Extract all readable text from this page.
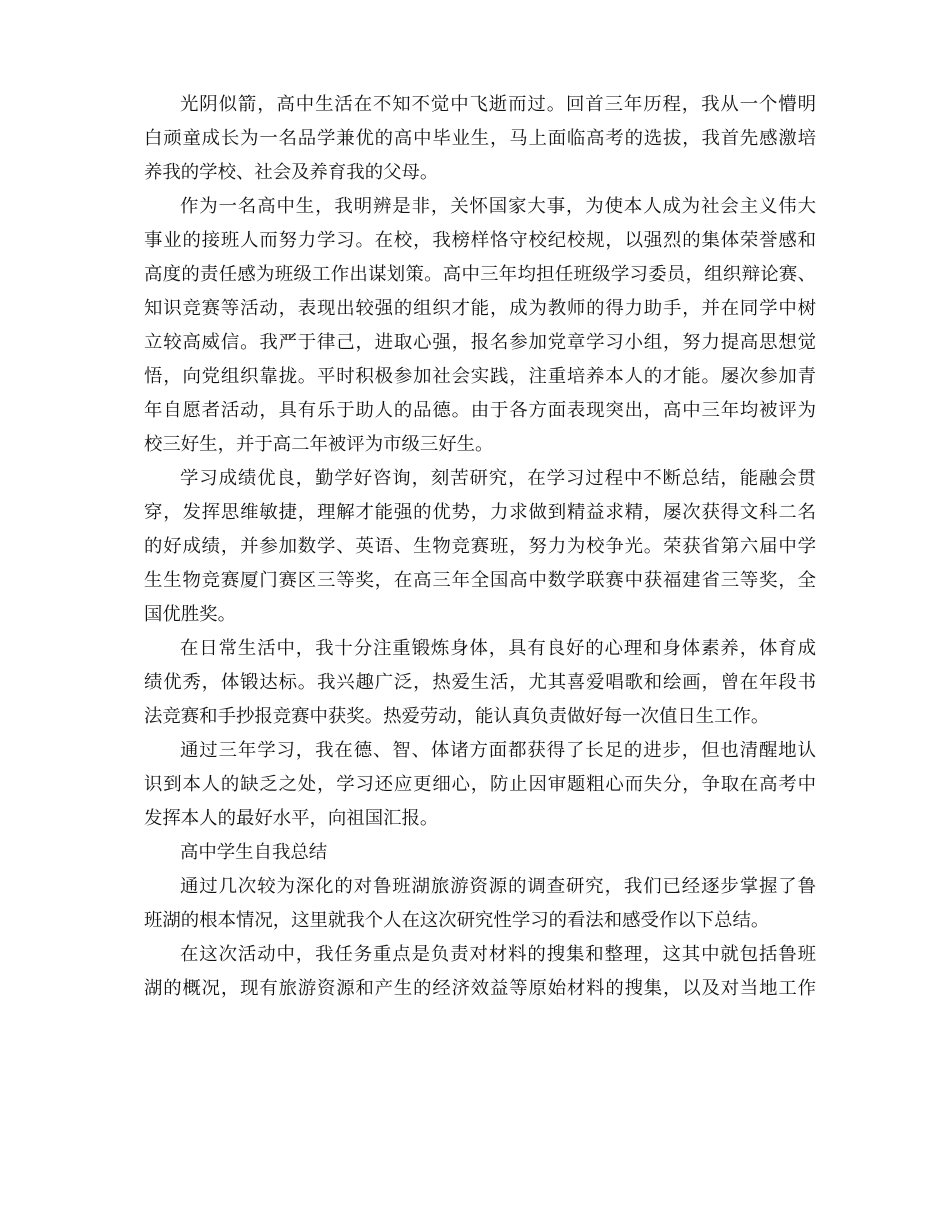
光阴似箭，高中生活在不知不觉中飞逝而过。回首三年历程，我从一个懵明
白顽童成长为一名品学兼优的高中毕业生，马上面临高考的选拔，我首先感激培
养我的学校、社会及养育我的父母。
作为一名高中生，我明辨是非，关怀国家大事，为使本人成为社会主义伟大
事业的接班人而努力学习。在校，我榜样恪守校纪校规，以强烈的集体荣誉感和
高度的责任感为班级工作出谋划策。高中三年均担任班级学习委员，组织辩论赛、
知识竞赛等活动，表现出较强的组织才能，成为教师的得力助手，并在同学中树
立较高威信。我严于律己，进取心强，报名参加党章学习小组，努力提高思想觉
悟，向党组织靠拢。平时积极参加社会实践，注重培养本人的才能。屡次参加青
年自愿者活动，具有乐于助人的品德。由于各方面表现突出，高中三年均被评为
校三好生，并于高二年被评为市级三好生。
学习成绩优良，勤学好咨询，刻苦研究，在学习过程中不断总结，能融会贯
穿，发挥思维敏捷，理解才能强的优势，力求做到精益求精，屡次获得文科二名
的好成绩，并参加数学、英语、生物竞赛班，努力为校争光。荣获省第六届中学
生生物竞赛厦门赛区三等奖，在高三年全国高中数学联赛中获福建省三等奖，全
国优胜奖。
在日常生活中，我十分注重锻炼身体，具有良好的心理和身体素养，体育成
绩优秀，体锻达标。我兴趣广泛，热爱生活，尤其喜爱唱歌和绘画，曾在年段书
法竞赛和手抄报竞赛中获奖。热爱劳动，能认真负责做好每一次值日生工作。
通过三年学习，我在德、智、体诸方面都获得了长足的进步，但也清醒地认
识到本人的缺乏之处，学习还应更细心，防止因审题粗心而失分，争取在高考中
发挥本人的最好水平，向祖国汇报。
高中学生自我总结
通过几次较为深化的对鲁班湖旅游资源的调查研究，我们已经逐步掌握了鲁
班湖的根本情况，这里就我个人在这次研究性学习的看法和感受作以下总结。
在这次活动中，我任务重点是负责对材料的搜集和整理，这其中就包括鲁班
湖的概况，现有旅游资源和产生的经济效益等原始材料的搜集，以及对当地工作
